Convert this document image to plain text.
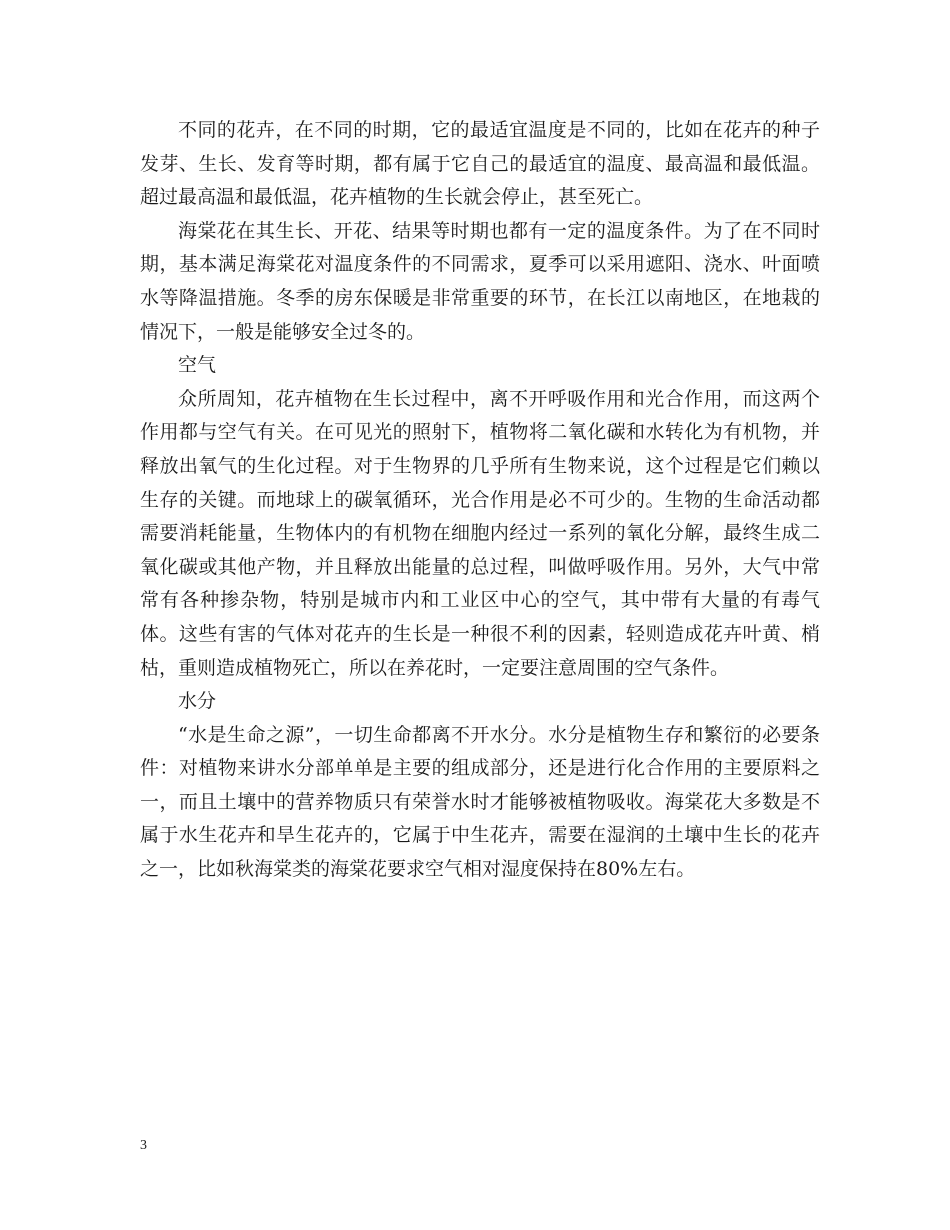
不同的花卉，在不同的时期，它的最适宜温度是不同的，比如在花卉的种子发芽、生长、发育等时期，都有属于它自己的最适宜的温度、最高温和最低温。超过最高温和最低温，花卉植物的生长就会停止，甚至死亡。

海棠花在其生长、开花、结果等时期也都有一定的温度条件。为了在不同时期，基本满足海棠花对温度条件的不同需求，夏季可以采用遮阳、浇水、叶面喷水等降温措施。冬季的房东保暖是非常重要的环节，在长江以南地区，在地栽的情况下，一般是能够安全过冬的。

空气

众所周知，花卉植物在生长过程中，离不开呼吸作用和光合作用，而这两个作用都与空气有关。在可见光的照射下，植物将二氧化碳和水转化为有机物，并释放出氧气的生化过程。对于生物界的几乎所有生物来说，这个过程是它们赖以生存的关键。而地球上的碳氧循环，光合作用是必不可少的。生物的生命活动都需要消耗能量，生物体内的有机物在细胞内经过一系列的氧化分解，最终生成二氧化碳或其他产物，并且释放出能量的总过程，叫做呼吸作用。另外，大气中常常有各种掺杂物，特别是城市内和工业区中心的空气，其中带有大量的有毒气体。这些有害的气体对花卉的生长是一种很不利的因素，轻则造成花卉叶黄、梢枯，重则造成植物死亡，所以在养花时，一定要注意周围的空气条件。

水分

“水是生命之源”，一切生命都离不开水分。水分是植物生存和繁衍的必要条件：对植物来讲水分部单单是主要的组成部分，还是进行化合作用的主要原料之一，而且土壤中的营养物质只有荣誉水时才能够被植物吸收。海棠花大多数是不属于水生花卉和旱生花卉的，它属于中生花卉，需要在湿润的土壤中生长的花卉之一，比如秋海棠类的海棠花要求空气相对湿度保持在80%左右。

3
